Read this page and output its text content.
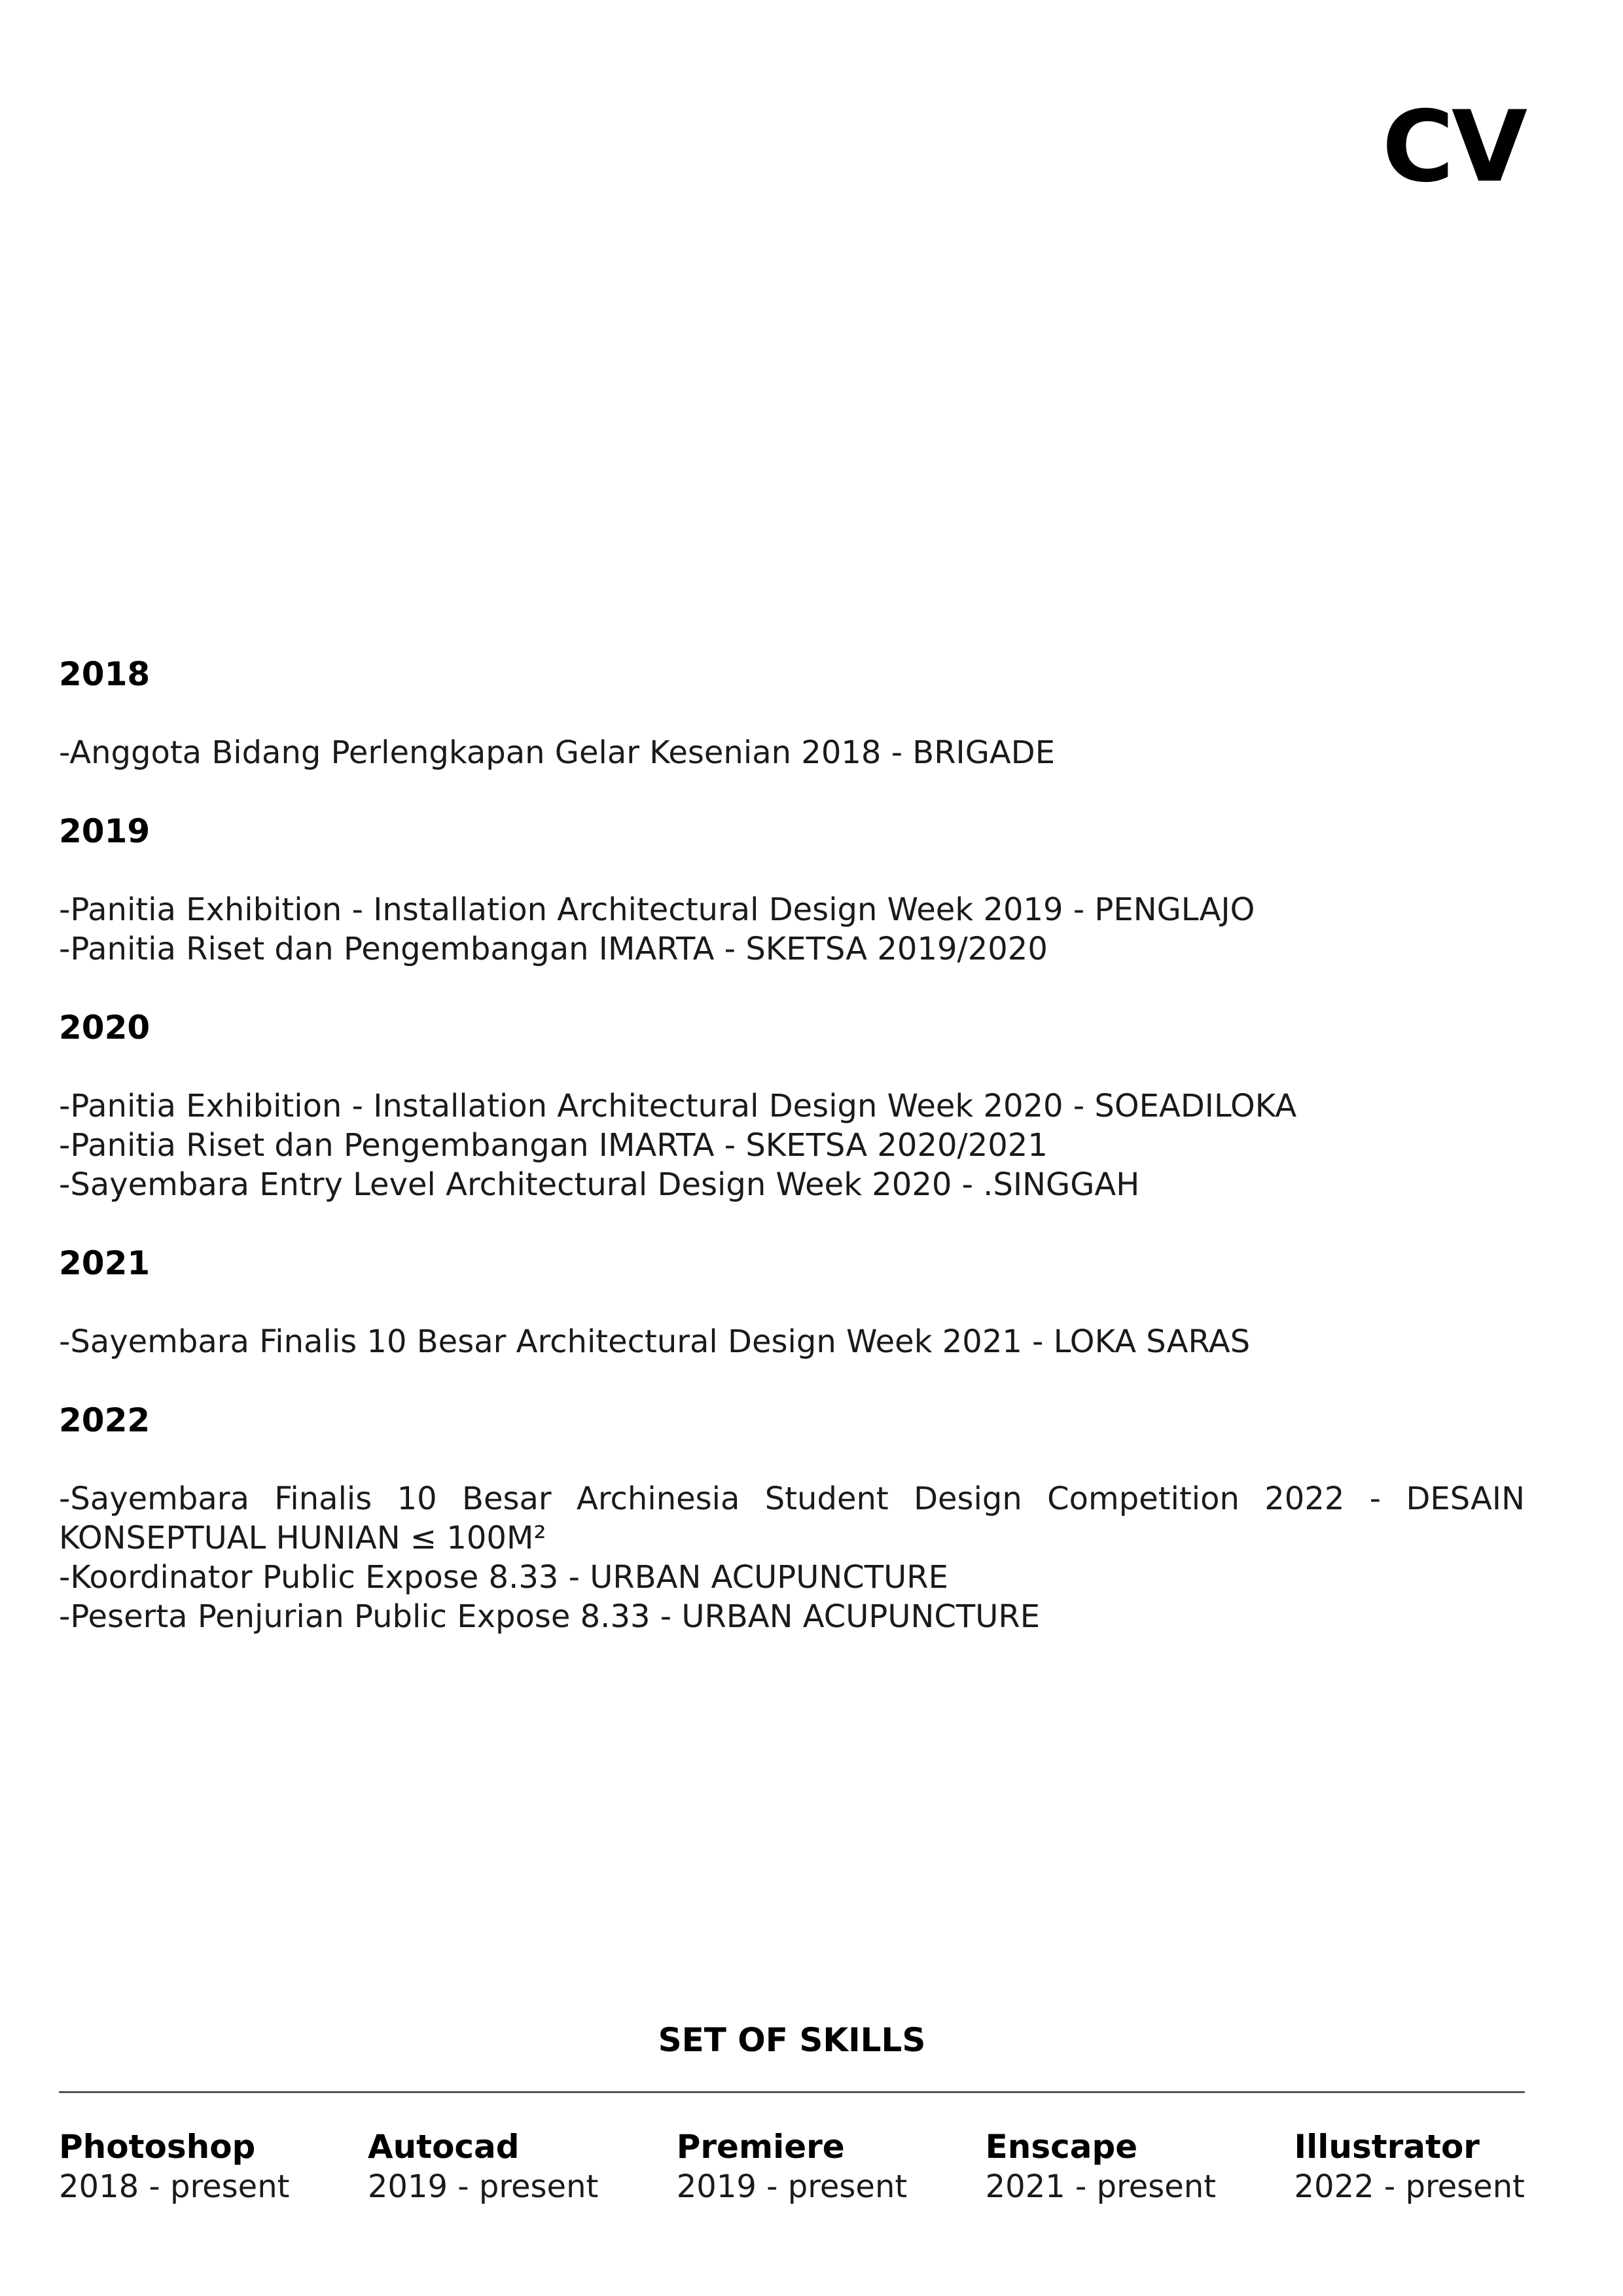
CV
2018
-Anggota Bidang Perlengkapan Gelar Kesenian 2018 - BRIGADE
2019
-Panitia Exhibition - Installation Architectural Design Week 2019 - PENGLAJO
-Panitia Riset dan Pengembangan IMARTA - SKETSA 2019/2020
2020
-Panitia Exhibition - Installation Architectural Design Week 2020 - SOEADILOKA
-Panitia Riset dan Pengembangan IMARTA - SKETSA 2020/2021
-Sayembara Entry Level Architectural Design Week 2020 - .SINGGAH
2021
-Sayembara Finalis 10 Besar Architectural Design Week 2021 - LOKA SARAS
2022
-Sayembara Finalis 10 Besar Archinesia Student Design Competition 2022 - DESAIN KONSEPTUAL HUNIAN ≤ 100M²
-Koordinator Public Expose 8.33 - URBAN ACUPUNCTURE
-Peserta Penjurian Public Expose 8.33 - URBAN ACUPUNCTURE
SET OF SKILLS
Photoshop
2018 - present
Autocad
2019 - present
Premiere
2019 - present
Enscape
2021 - present
Illustrator
2022 - present
